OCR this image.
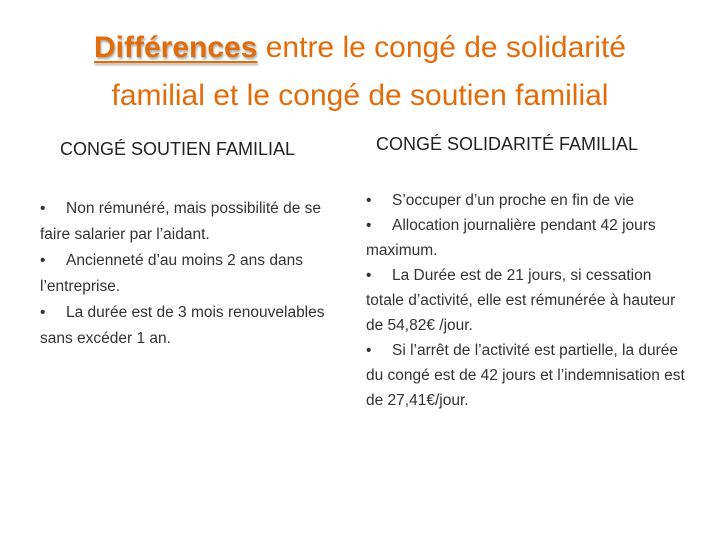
Différences entre le congé de solidarité
familial et le congé de soutien familial
CONGÉ SOUTIEN FAMILIAL
• Non rémunéré, mais possibilité de se faire salarier par l’aidant.
• Ancienneté d’au moins 2 ans dans l’entreprise.
• La durée est de 3 mois renouvelables sans excéder 1 an.
CONGÉ SOLIDARITÉ FAMILIAL
• S’occuper d’un proche en fin de vie
• Allocation journalière pendant 42 jours maximum.
• La Durée est de 21 jours, si cessation totale d’activité, elle est rémunérée à hauteur de 54,82€ /jour.
• Si l’arrêt de l’activité est partielle, la durée du congé est de 42 jours et l’indemnisation est de 27,41€/jour.
